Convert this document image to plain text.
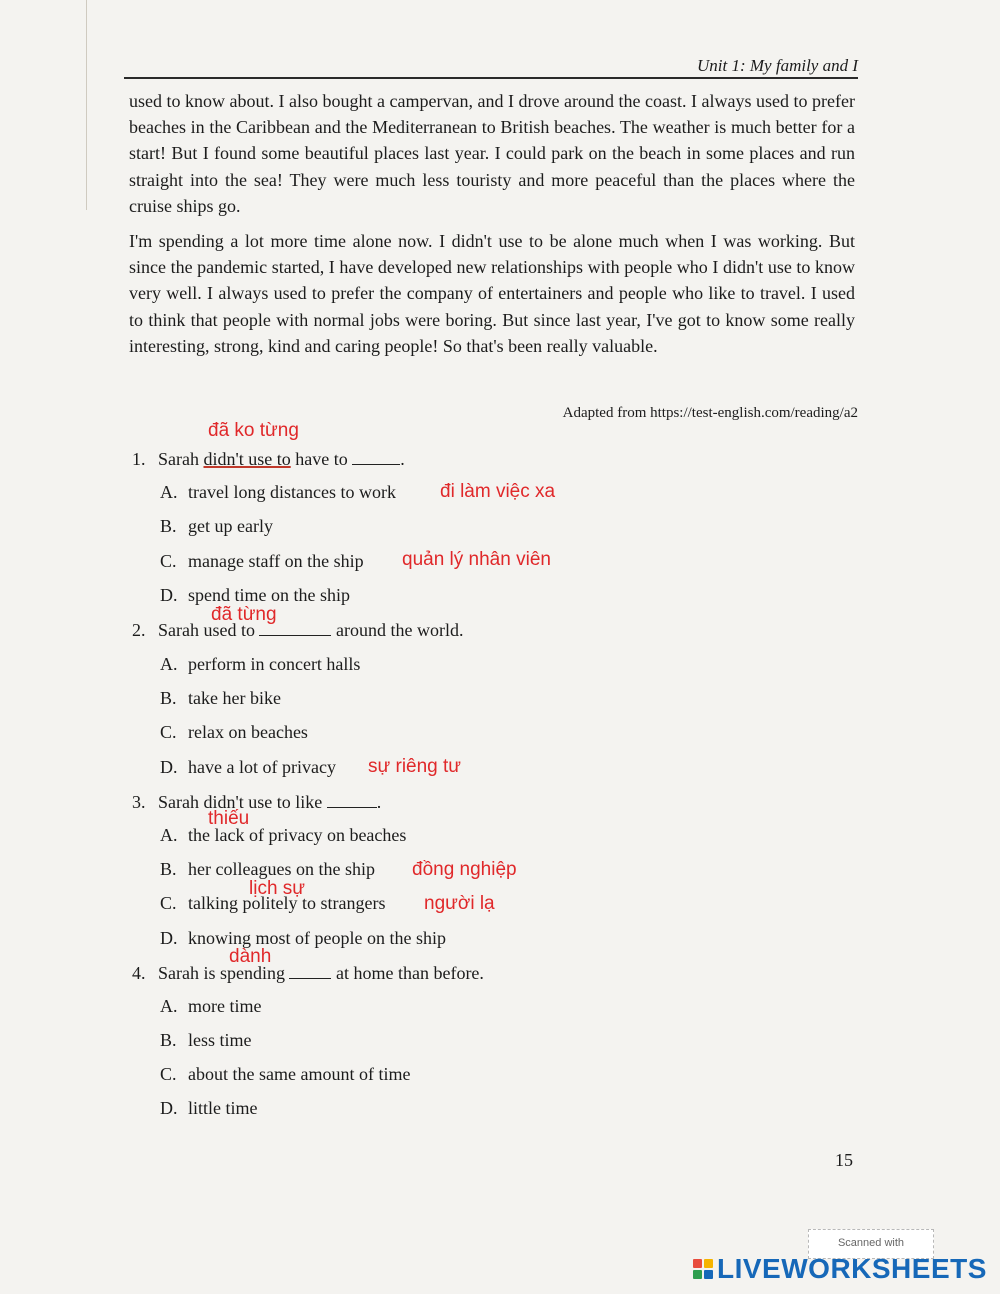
Unit 1: My family and I

used to know about. I also bought a campervan, and I drove around the coast. I always used to prefer beaches in the Caribbean and the Mediterranean to British beaches. The weather is much better for a start! But I found some beautiful places last year. I could park on the beach in some places and run straight into the sea! They were much less touristy and more peaceful than the places where the cruise ships go.

I'm spending a lot more time alone now. I didn't use to be alone much when I was working. But since the pandemic started, I have developed new relationships with people who I didn't use to know very well. I always used to prefer the company of entertainers and people who like to travel. I used to think that people with normal jobs were boring. But since last year, I've got to know some really interesting, strong, kind and caring people! So that's been really valuable.

Adapted from https://test-english.com/reading/a2
1. Sarah didn't use to have to	.
A. travel long distances to work
B. get up early
C. manage staff on the ship
D. spend time on the ship
2. Sarah used to	around the world.
A. perform in concert halls
B. take her bike
C. relax on beaches
D. have a lot of privacy
3. Sarah didn't use to like	.
A. the lack of privacy on beaches
B. her colleagues on the ship
C. talking politely to strangers
D. knowing most of people on the ship
4. Sarah is spending	at home than before.
A. more time
B. less time
C. about the same amount of time
D. little time
đã ko từng
đi làm việc xa
quản lý nhân viên
đã từng
sự riêng tư
thiếu
đồng nghiệp
lịch sự
người lạ
dành
15
Scanned with
LIVEWORKSHEETS
